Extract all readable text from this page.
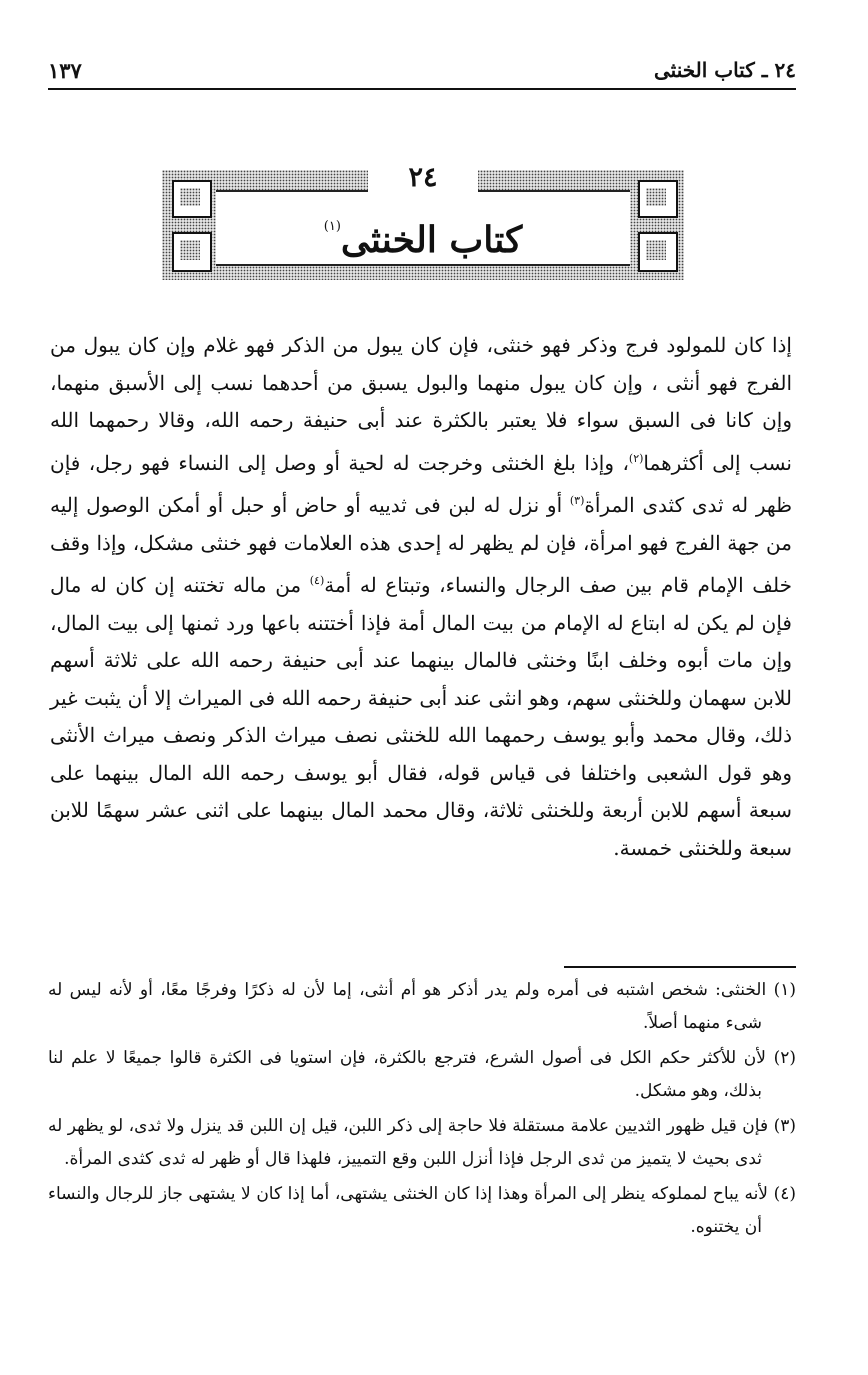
٢٤ ـ كتاب الخنثى
١٣٧
٢٤
كتاب الخنثى$^{(١)}$

إذا كان للمولود فرج وذكر فهو خنثى، فإن كان يبول من الذكر فهو غلام وإن كان يبول من الفرج فهو أنثى ، وإن كان يبول منهما والبول يسبق من أحدهما نسب إلى الأسبق منهما، وإن كانا فى السبق سواء فلا يعتبر بالكثرة عند أبى حنيفة رحمه الله، وقالا رحمهما الله نسب إلى أكثرهما$^{(٢)}$، وإذا بلغ الخنثى وخرجت له لحية أو وصل إلى النساء فهو رجل، فإن ظهر له ثدى كثدى المرأة$^{(٣)}$ أو نزل له لبن فى ثدييه أو حاض أو حبل أو أمكن الوصول إليه من جهة الفرج فهو امرأة، فإن لم يظهر له إحدى هذه العلامات فهو خنثى مشكل، وإذا وقف خلف الإمام قام بين صف الرجال والنساء، وتبتاع له أمة$^{(٤)}$ من ماله تختنه إن كان له مال فإن لم يكن له ابتاع له الإمام من بيت المال أمة فإذا أختتنه باعها ورد ثمنها إلى بيت المال، وإن مات أبوه وخلف ابنًا وخنثى فالمال بينهما عند أبى حنيفة رحمه الله على ثلاثة أسهم للابن سهمان وللخنثى سهم، وهو انثى عند أبى حنيفة رحمه الله فى الميراث إلا أن يثبت غير ذلك، وقال محمد وأبو يوسف رحمهما الله للخنثى نصف ميراث الذكر ونصف ميراث الأنثى وهو قول الشعبى واختلفا فى قياس قوله، فقال أبو يوسف رحمه الله المال بينهما على سبعة أسهم للابن أربعة وللخنثى ثلاثة، وقال محمد المال بينهما على اثنى عشر سهمًا للابن سبعة وللخنثى خمسة.

(١) الخنثى: شخص اشتبه فى أمره ولم يدر أذكر هو أم أنثى، إما لأن له ذكرًا وفرجًا معًا، أو لأنه ليس له شىء منهما أصلاً.

(٢) لأن للأكثر حكم الكل فى أصول الشرع، فترجع بالكثرة، فإن استويا فى الكثرة قالوا جميعًا لا علم لنا بذلك، وهو مشكل.

(٣) فإن قيل ظهور الثديين علامة مستقلة فلا حاجة إلى ذكر اللبن، قيل إن اللبن قد ينزل ولا ثدى، لو يظهر له ثدى بحيث لا يتميز من ثدى الرجل فإذا أنزل اللبن وقع التمييز، فلهذا قال أو ظهر له ثدى كثدى المرأة.

(٤) لأنه يباح لمملوكه ينظر إلى المرأة وهذا إذا كان الخنثى يشتهى، أما إذا كان لا يشتهى جاز للرجال والنساء أن يختنوه.
